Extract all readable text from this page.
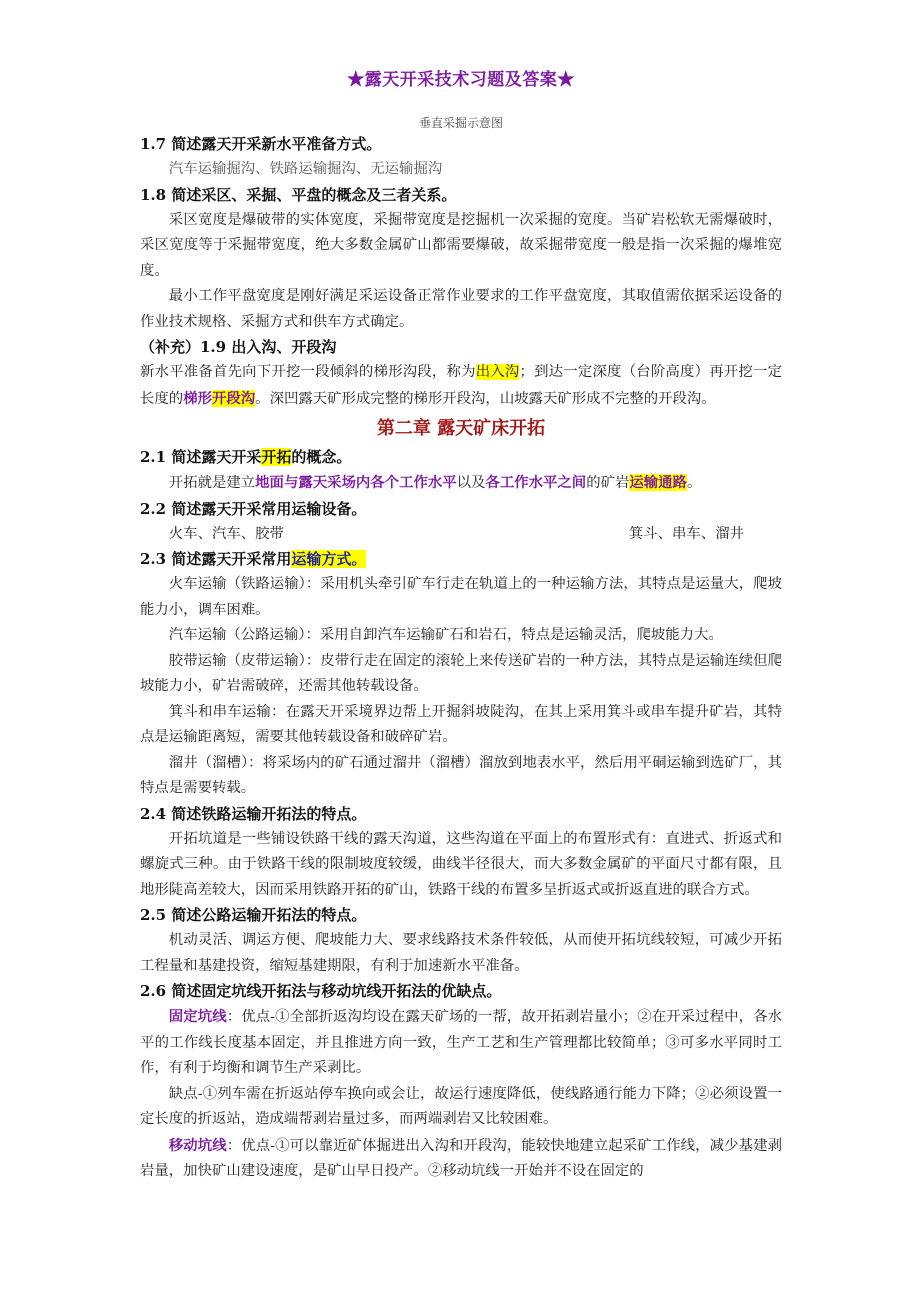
★露天开采技术习题及答案★
垂直采掘示意图
1.7 简述露天开采新水平准备方式。
汽车运输掘沟、铁路运输掘沟、无运输掘沟
1.8 简述采区、采掘、平盘的概念及三者关系。

采区宽度是爆破带的实体宽度，采掘带宽度是挖掘机一次采掘的宽度。当矿岩松软无需爆破时，采区宽度等于采掘带宽度，绝大多数金属矿山都需要爆破，故采掘带宽度一般是指一次采掘的爆堆宽度。

最小工作平盘宽度是刚好满足采运设备正常作业要求的工作平盘宽度，其取值需依据采运设备的作业技术规格、采掘方式和供车方式确定。

（补充）1.9 出入沟、开段沟

新水平准备首先向下开挖一段倾斜的梯形沟段，称为出入沟；到达一定深度（台阶高度）再开挖一定长度的梯形开段沟。深凹露天矿形成完整的梯形开段沟，山坡露天矿形成不完整的开段沟。

第二章 露天矿床开拓
2.1 简述露天开采开拓的概念。

开拓就是建立地面与露天采场内各个工作水平以及各工作水平之间的矿岩运输通路。

2.2 简述露天开采常用运输设备。
火车、汽车、胶带	箕斗、串车、溜井
2.3 简述露天开采常用运输方式。

火车运输（铁路运输）：采用机头牵引矿车行走在轨道上的一种运输方法，其特点是运量大，爬坡能力小，调车困难。

汽车运输（公路运输）：采用自卸汽车运输矿石和岩石，特点是运输灵活，爬坡能力大。

胶带运输（皮带运输）：皮带行走在固定的滚轮上来传送矿岩的一种方法，其特点是运输连续但爬坡能力小，矿岩需破碎，还需其他转载设备。

箕斗和串车运输：在露天开采境界边帮上开掘斜坡陡沟，在其上采用箕斗或串车提升矿岩，其特点是运输距离短，需要其他转载设备和破碎矿岩。

溜井（溜槽）：将采场内的矿石通过溜井（溜槽）溜放到地表水平，然后用平硐运输到选矿厂，其特点是需要转载。

2.4 简述铁路运输开拓法的特点。

开拓坑道是一些铺设铁路干线的露天沟道，这些沟道在平面上的布置形式有：直进式、折返式和螺旋式三种。由于铁路干线的限制坡度较缓，曲线半径很大，而大多数金属矿的平面尺寸都有限，且地形陡高差较大，因而采用铁路开拓的矿山，铁路干线的布置多呈折返式或折返直进的联合方式。

2.5 简述公路运输开拓法的特点。

机动灵活、调运方便、爬坡能力大、要求线路技术条件较低，从而使开拓坑线较短，可减少开拓工程量和基建投资，缩短基建期限，有利于加速新水平准备。

2.6 简述固定坑线开拓法与移动坑线开拓法的优缺点。

固定坑线：优点-①全部折返沟均设在露天矿场的一帮，故开拓剥岩量小；②在开采过程中，各水平的工作线长度基本固定，并且推进方向一致，生产工艺和生产管理都比较简单；③可多水平同时工作，有利于均衡和调节生产采剥比。

缺点-①列车需在折返站停车换向或会让，故运行速度降低，使线路通行能力下降；②必须设置一定长度的折返站，造成端帮剥岩量过多，而两端剥岩又比较困难。

移动坑线：优点-①可以靠近矿体掘进出入沟和开段沟，能较快地建立起采矿工作线，减少基建剥岩量，加快矿山建设速度，是矿山早日投产。②移动坑线一开始并不设在固定的
